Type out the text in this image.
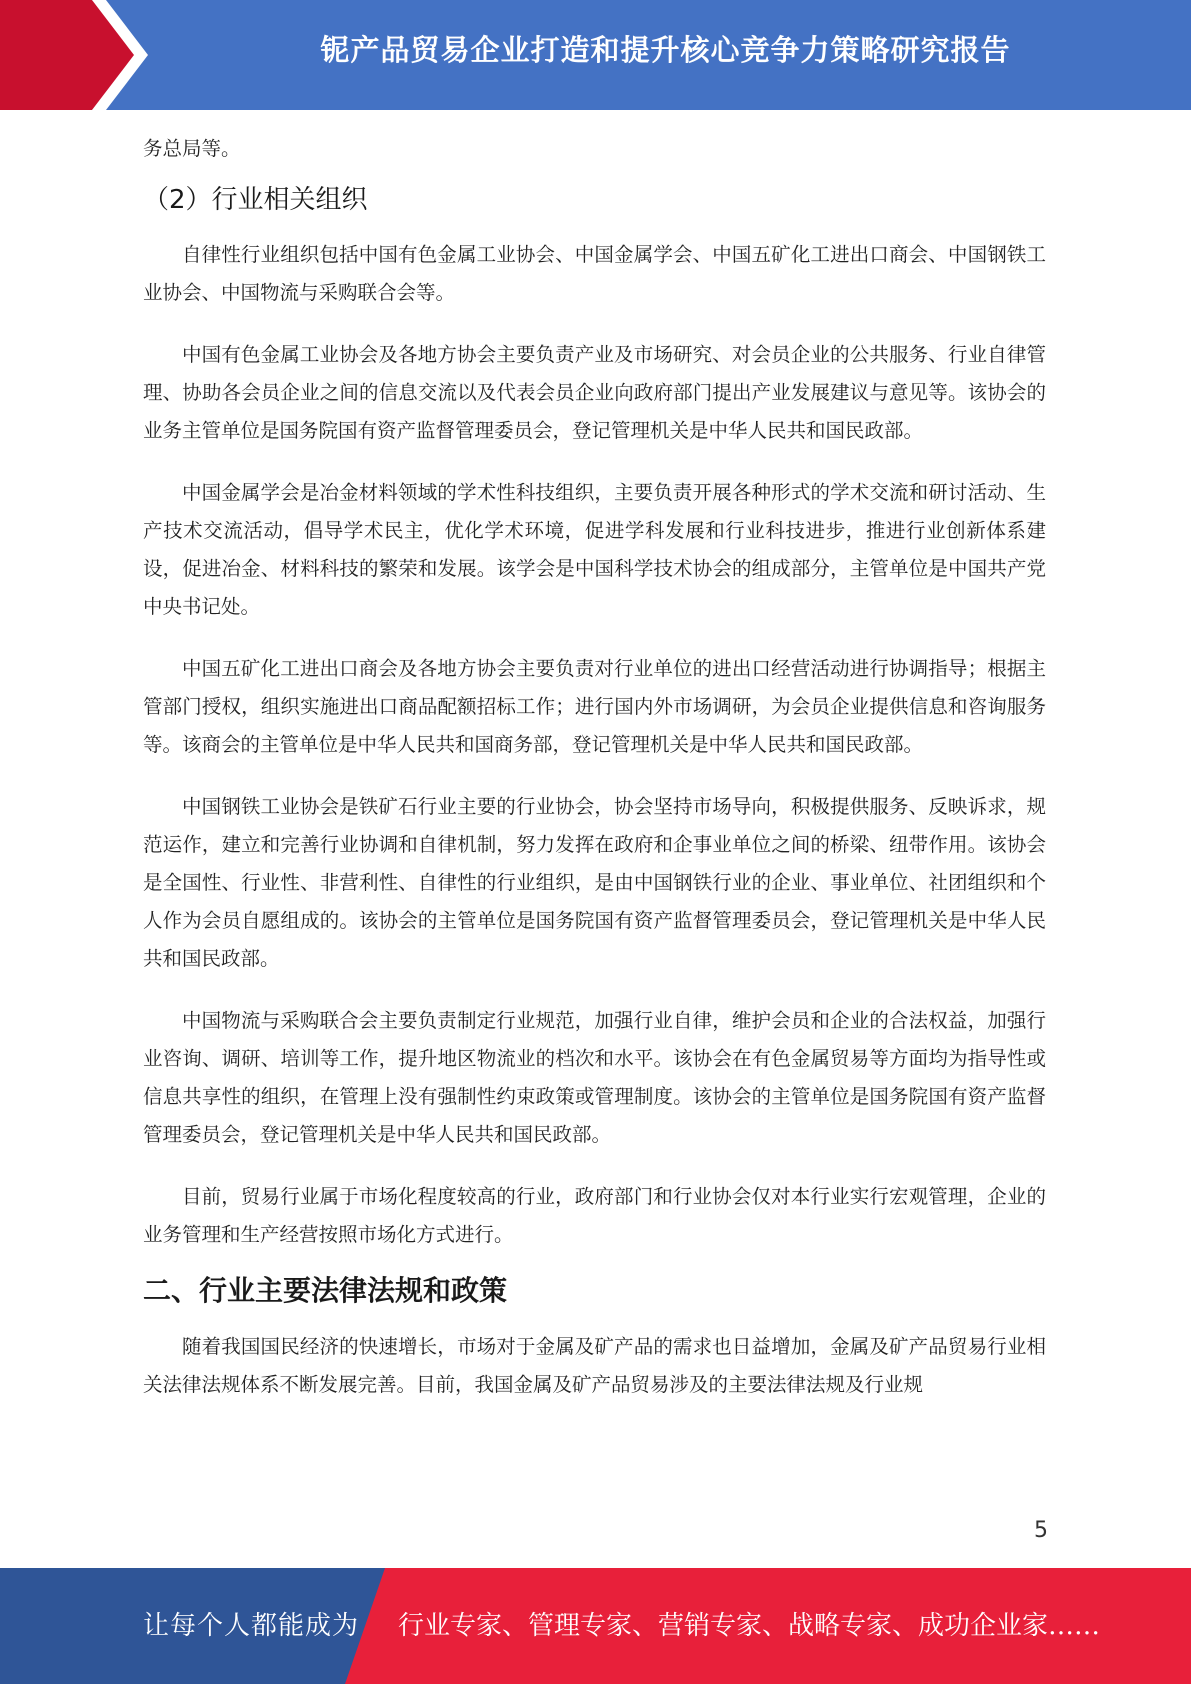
铌产品贸易企业打造和提升核心竞争力策略研究报告

务总局等。

（2）行业相关组织

自律性行业组织包括中国有色金属工业协会、中国金属学会、中国五矿化工进出口商会、中国钢铁工业协会、中国物流与采购联合会等。

中国有色金属工业协会及各地方协会主要负责产业及市场研究、对会员企业的公共服务、行业自律管理、协助各会员企业之间的信息交流以及代表会员企业向政府部门提出产业发展建议与意见等。该协会的业务主管单位是国务院国有资产监督管理委员会，登记管理机关是中华人民共和国民政部。

中国金属学会是冶金材料领域的学术性科技组织，主要负责开展各种形式的学术交流和研讨活动、生产技术交流活动，倡导学术民主，优化学术环境，促进学科发展和行业科技进步，推进行业创新体系建设，促进冶金、材料科技的繁荣和发展。该学会是中国科学技术协会的组成部分，主管单位是中国共产党中央书记处。

中国五矿化工进出口商会及各地方协会主要负责对行业单位的进出口经营活动进行协调指导；根据主管部门授权，组织实施进出口商品配额招标工作；进行国内外市场调研，为会员企业提供信息和咨询服务等。该商会的主管单位是中华人民共和国商务部，登记管理机关是中华人民共和国民政部。

中国钢铁工业协会是铁矿石行业主要的行业协会，协会坚持市场导向，积极提供服务、反映诉求，规范运作，建立和完善行业协调和自律机制，努力发挥在政府和企事业单位之间的桥梁、纽带作用。该协会是全国性、行业性、非营利性、自律性的行业组织，是由中国钢铁行业的企业、事业单位、社团组织和个人作为会员自愿组成的。该协会的主管单位是国务院国有资产监督管理委员会，登记管理机关是中华人民共和国民政部。

中国物流与采购联合会主要负责制定行业规范，加强行业自律，维护会员和企业的合法权益，加强行业咨询、调研、培训等工作，提升地区物流业的档次和水平。该协会在有色金属贸易等方面均为指导性或信息共享性的组织，在管理上没有强制性约束政策或管理制度。该协会的主管单位是国务院国有资产监督管理委员会，登记管理机关是中华人民共和国民政部。

目前，贸易行业属于市场化程度较高的行业，政府部门和行业协会仅对本行业实行宏观管理，企业的业务管理和生产经营按照市场化方式进行。

二、行业主要法律法规和政策

随着我国国民经济的快速增长，市场对于金属及矿产品的需求也日益增加，金属及矿产品贸易行业相关法律法规体系不断发展完善。目前，我国金属及矿产品贸易涉及的主要法律法规及行业规

5
让每个人都能成为 行业专家、管理专家、营销专家、战略专家、成功企业家……
